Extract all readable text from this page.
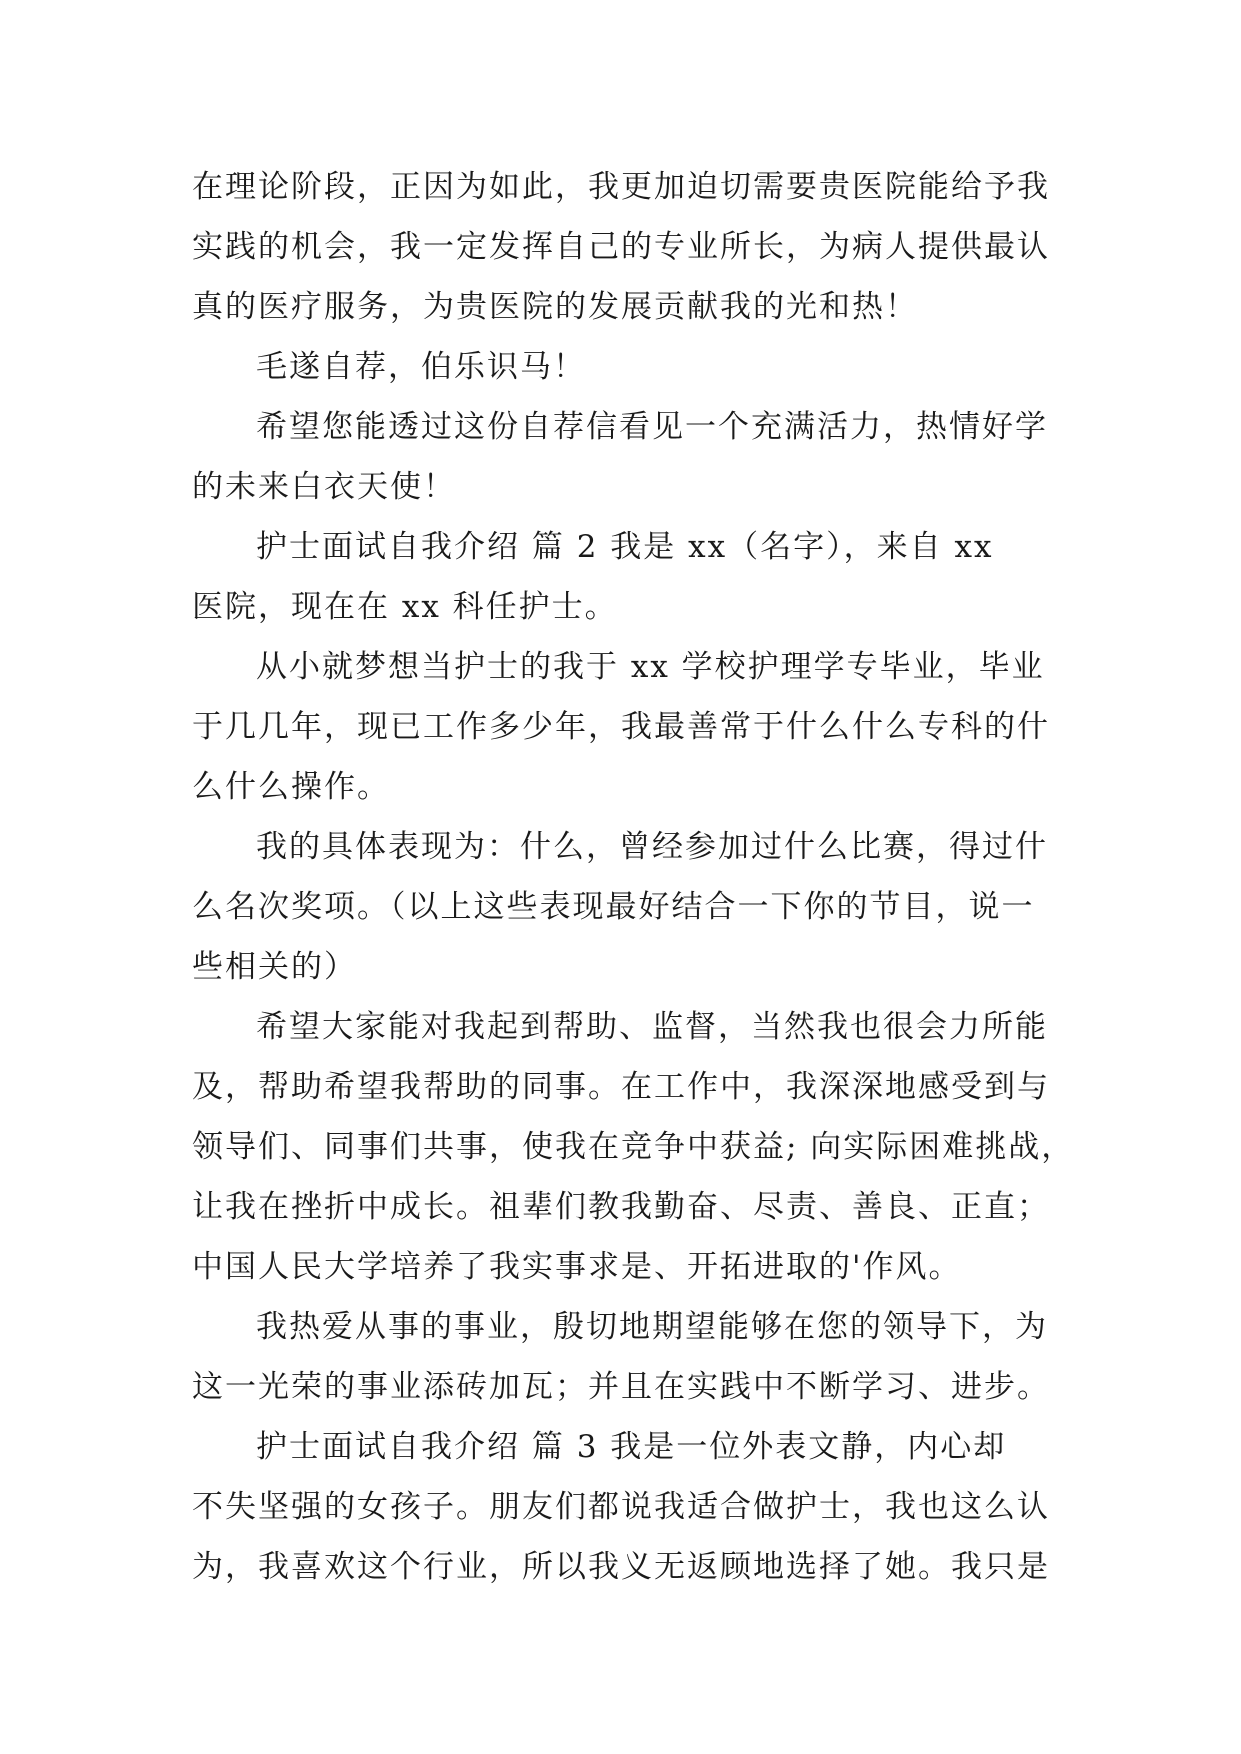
在理论阶段，正因为如此，我更加迫切需要贵医院能给予我
实践的机会，我一定发挥自己的专业所长，为病人提供最认
真的医疗服务，为贵医院的发展贡献我的光和热！
毛遂自荐，伯乐识马！
希望您能透过这份自荐信看见一个充满活力，热情好学
的未来白衣天使！
护士面试自我介绍 篇 2 我是 xx（名字），来自 xx
医院，现在在 xx 科任护士。
从小就梦想当护士的我于 xx 学校护理学专毕业，毕业
于几几年，现已工作多少年，我最善常于什么什么专科的什
么什么操作。
我的具体表现为：什么，曾经参加过什么比赛，得过什
么名次奖项。（以上这些表现最好结合一下你的节目，说一
些相关的）
希望大家能对我起到帮助、监督，当然我也很会力所能
及，帮助希望我帮助的同事。在工作中，我深深地感受到与
领导们、同事们共事，使我在竞争中获益; 向实际困难挑战，
让我在挫折中成长。祖辈们教我勤奋、尽责、善良、正直；
中国人民大学培养了我实事求是、开拓进取的'作风。
我热爱从事的事业，殷切地期望能够在您的领导下，为
这一光荣的事业添砖加瓦；并且在实践中不断学习、进步。
护士面试自我介绍 篇 3 我是一位外表文静，内心却
不失坚强的女孩子。朋友们都说我适合做护士，我也这么认
为，我喜欢这个行业，所以我义无返顾地选择了她。我只是
